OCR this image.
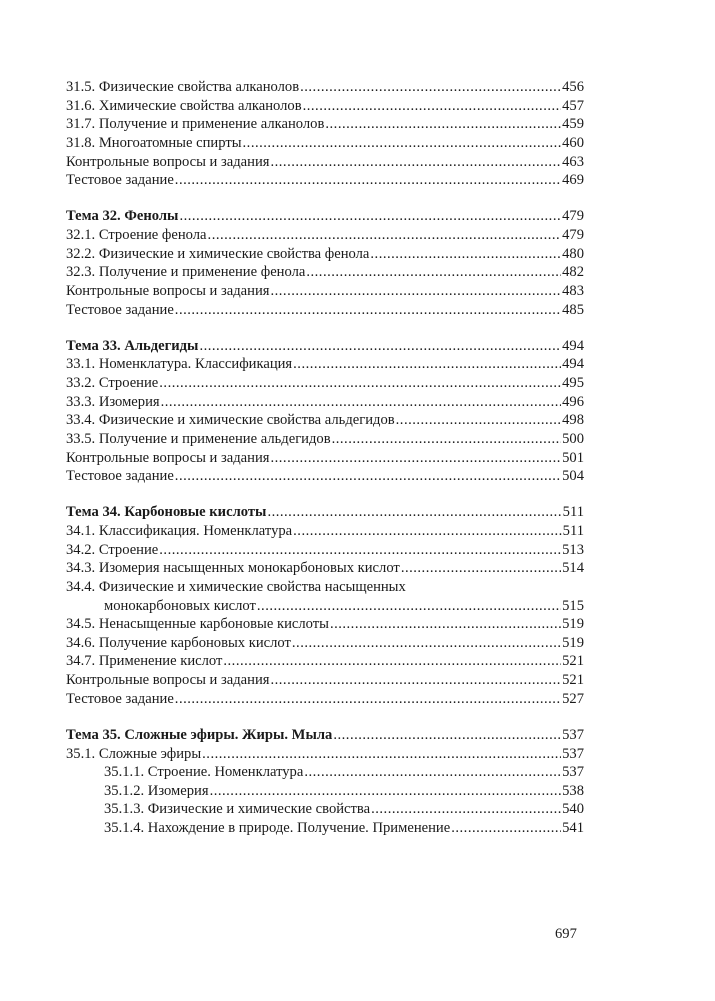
31.5. Физические свойства алканолов .....	456
31.6. Химические свойства алканолов .....	457
31.7. Получение и применение алканолов .....	459
31.8. Многоатомные спирты .....	460
Контрольные вопросы и задания .....	463
Тестовое задание .....	469
Тема 32. Фенолы .....	479
32.1. Строение фенола .....	479
32.2. Физические и химические свойства фенола .....	480
32.3. Получение и применение фенола .....	482
Контрольные вопросы и задания .....	483
Тестовое задание .....	485
Тема 33. Альдегиды .....	494
33.1. Номенклатура. Классификация .....	494
33.2. Строение .....	495
33.3. Изомерия .....	496
33.4. Физические и химические свойства альдегидов .....	498
33.5. Получение и применение альдегидов .....	500
Контрольные вопросы и задания .....	501
Тестовое задание .....	504
Тема 34. Карбоновые кислоты .....	511
34.1. Классификация. Номенклатура .....	511
34.2. Строение .....	513
34.3. Изомерия насыщенных монокарбоновых кислот .....	514
34.4. Физические и химические свойства насыщенных
монокарбоновых кислот .....	515
34.5. Ненасыщенные карбоновые кислоты .....	519
34.6. Получение карбоновых кислот .....	519
34.7. Применение кислот .....	521
Контрольные вопросы и задания .....	521
Тестовое задание .....	527
Тема 35. Сложные эфиры. Жиры. Мыла .....	537
35.1. Сложные эфиры .....	537
35.1.1. Строение. Номенклатура .....	537
35.1.2. Изомерия .....	538
35.1.3. Физические и химические свойства .....	540
35.1.4. Нахождение в природе. Получение. Применение .....	541
697
